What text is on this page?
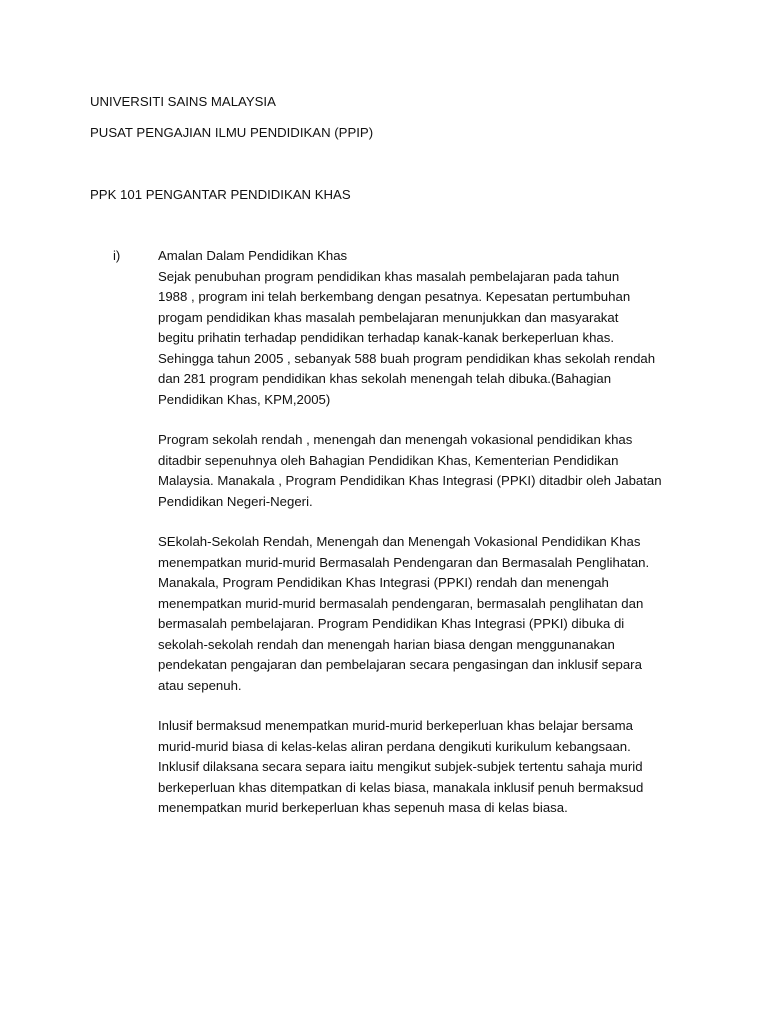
UNIVERSITI SAINS MALAYSIA
PUSAT PENGAJIAN ILMU PENDIDIKAN (PPIP)
PPK 101 PENGANTAR PENDIDIKAN KHAS
i)	Amalan Dalam Pendidikan Khas

Sejak penubuhan program pendidikan khas masalah pembelajaran pada tahun
1988 , program ini telah berkembang dengan pesatnya. Kepesatan pertumbuhan
progam pendidikan khas masalah pembelajaran menunjukkan dan masyarakat
begitu prihatin terhadap pendidikan terhadap kanak-kanak berkeperluan khas.
Sehingga tahun 2005 , sebanyak 588 buah program pendidikan khas sekolah rendah
dan 281 program pendidikan khas sekolah menengah telah dibuka.(Bahagian
Pendidikan Khas, KPM,2005)

Program sekolah rendah , menengah dan menengah vokasional pendidikan khas
ditadbir sepenuhnya oleh Bahagian Pendidikan Khas, Kementerian Pendidikan
Malaysia. Manakala , Program Pendidikan Khas Integrasi (PPKI) ditadbir oleh Jabatan
Pendidikan Negeri-Negeri.

SEkolah-Sekolah Rendah, Menengah dan Menengah Vokasional Pendidikan Khas
menempatkan murid-murid Bermasalah Pendengaran dan Bermasalah Penglihatan.
Manakala, Program Pendidikan Khas Integrasi (PPKI) rendah dan menengah
menempatkan murid-murid bermasalah pendengaran, bermasalah penglihatan dan
bermasalah pembelajaran. Program Pendidikan Khas Integrasi (PPKI) dibuka di
sekolah-sekolah rendah dan menengah harian biasa dengan menggunanakan
pendekatan pengajaran dan pembelajaran secara pengasingan dan inklusif separa
atau sepenuh.

Inlusif bermaksud menempatkan murid-murid berkeperluan khas belajar bersama
murid-murid biasa di kelas-kelas aliran perdana dengikuti kurikulum kebangsaan.
Inklusif dilaksana secara separa iaitu mengikut subjek-subjek tertentu sahaja murid
berkeperluan khas ditempatkan di kelas biasa, manakala inklusif penuh bermaksud
menempatkan murid berkeperluan khas sepenuh masa di kelas biasa.
